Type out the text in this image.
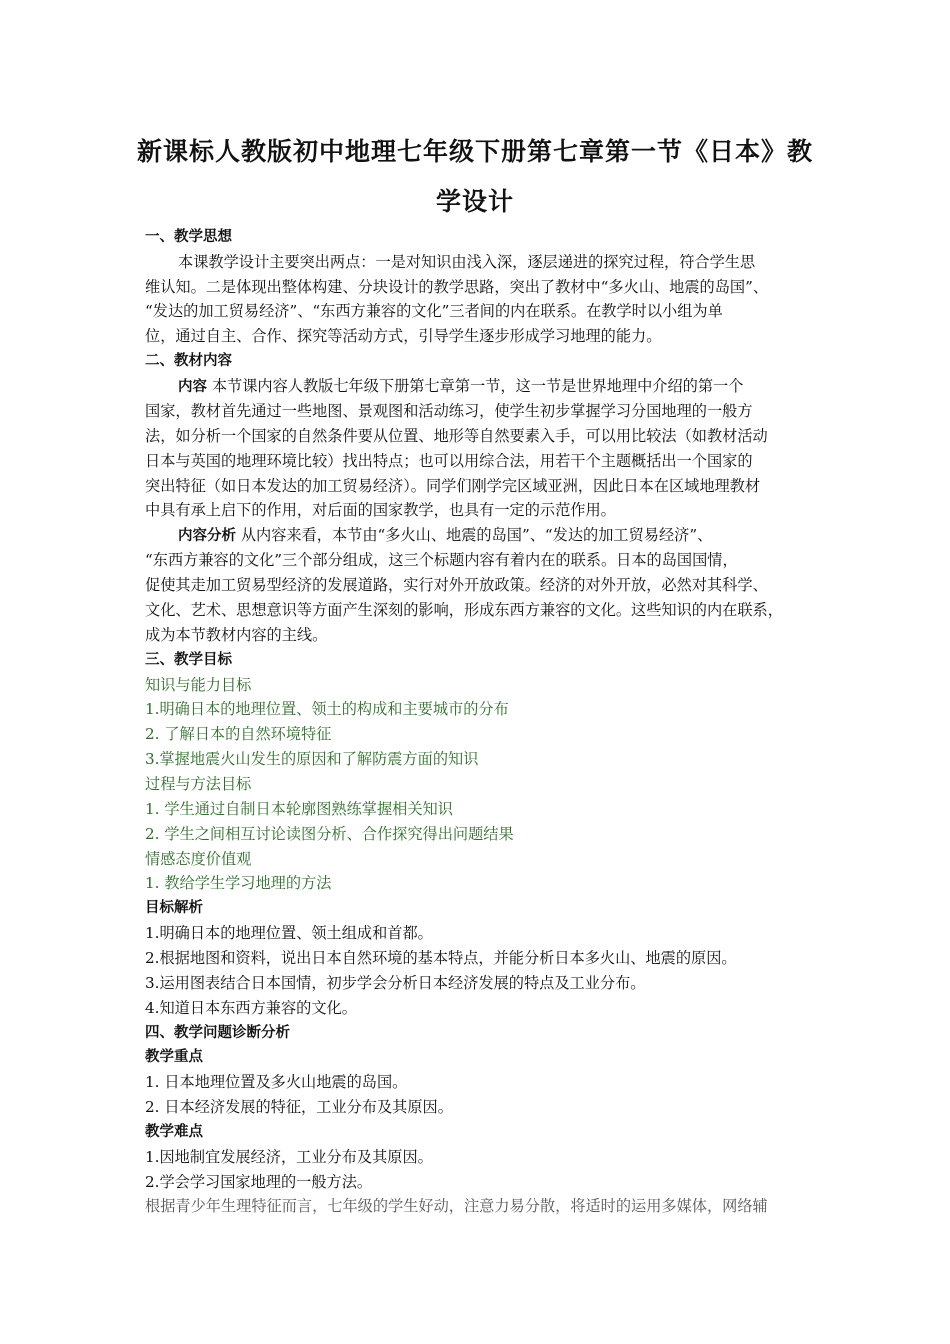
新课标人教版初中地理七年级下册第七章第一节《日本》教
学设计
一、教学思想
本课教学设计主要突出两点：一是对知识由浅入深，逐层递进的探究过程，符合学生思
维认知。二是体现出整体构建、分块设计的教学思路，突出了教材中“多火山、地震的岛国”、
“发达的加工贸易经济”、“东西方兼容的文化”三者间的内在联系。在教学时以小组为单
位，通过自主、合作、探究等活动方式，引导学生逐步形成学习地理的能力。
二、教材内容
内容 本节课内容人教版七年级下册第七章第一节，这一节是世界地理中介绍的第一个
国家，教材首先通过一些地图、景观图和活动练习，使学生初步掌握学习分国地理的一般方
法，如分析一个国家的自然条件要从位置、地形等自然要素入手，可以用比较法（如教材活动
日本与英国的地理环境比较）找出特点；也可以用综合法，用若干个主题概括出一个国家的
突出特征（如日本发达的加工贸易经济）。同学们刚学完区域亚洲，因此日本在区域地理教材
中具有承上启下的作用，对后面的国家教学，也具有一定的示范作用。
内容分析 从内容来看，本节由“多火山、地震的岛国”、“发达的加工贸易经济”、
“东西方兼容的文化”三个部分组成，这三个标题内容有着内在的联系。日本的岛国国情，
促使其走加工贸易型经济的发展道路，实行对外开放政策。经济的对外开放，必然对其科学、
文化、艺术、思想意识等方面产生深刻的影响，形成东西方兼容的文化。这些知识的内在联系，
成为本节教材内容的主线。
三、教学目标
知识与能力目标
1.明确日本的地理位置、领土的构成和主要城市的分布
2. 了解日本的自然环境特征
3.掌握地震火山发生的原因和了解防震方面的知识
过程与方法目标
1. 学生通过自制日本轮廓图熟练掌握相关知识
2. 学生之间相互讨论读图分析、合作探究得出问题结果
情感态度价值观
1. 教给学生学习地理的方法
目标解析
1.明确日本的地理位置、领土组成和首都。
2.根据地图和资料，说出日本自然环境的基本特点，并能分析日本多火山、地震的原因。
3.运用图表结合日本国情，初步学会分析日本经济发展的特点及工业分布。
4.知道日本东西方兼容的文化。
四、教学问题诊断分析
教学重点
1. 日本地理位置及多火山地震的岛国。
2. 日本经济发展的特征，工业分布及其原因。
教学难点
1.因地制宜发展经济，工业分布及其原因。
2.学会学习国家地理的一般方法。
根据青少年生理特征而言，七年级的学生好动，注意力易分散，将适时的运用多媒体，网络辅
